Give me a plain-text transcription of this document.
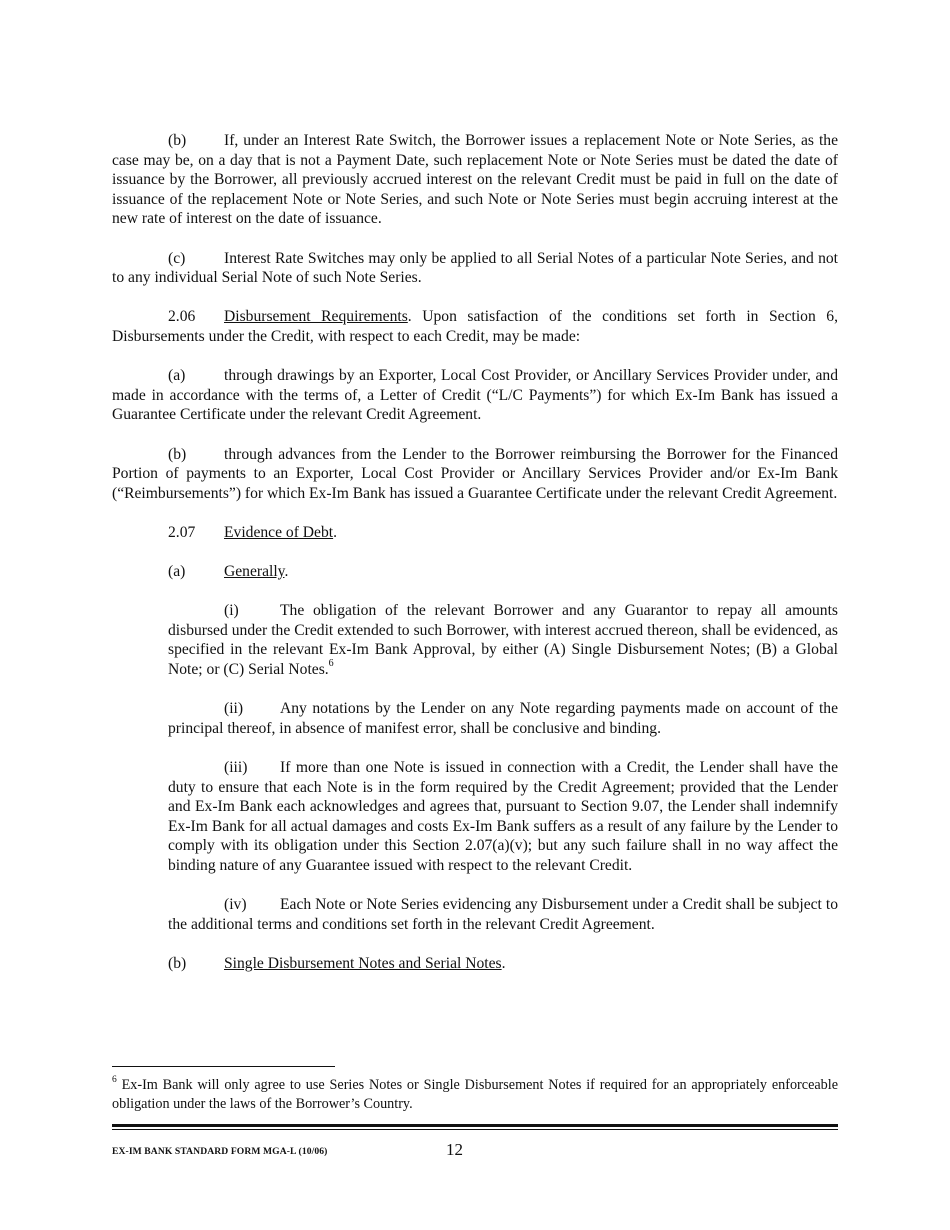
(b) If, under an Interest Rate Switch, the Borrower issues a replacement Note or Note Series, as the case may be, on a day that is not a Payment Date, such replacement Note or Note Series must be dated the date of issuance by the Borrower, all previously accrued interest on the relevant Credit must be paid in full on the date of issuance of the replacement Note or Note Series, and such Note or Note Series must begin accruing interest at the new rate of interest on the date of issuance.

(c) Interest Rate Switches may only be applied to all Serial Notes of a particular Note Series, and not to any individual Serial Note of such Note Series.

2.06 Disbursement Requirements. Upon satisfaction of the conditions set forth in Section 6, Disbursements under the Credit, with respect to each Credit, may be made:

(a) through drawings by an Exporter, Local Cost Provider, or Ancillary Services Provider under, and made in accordance with the terms of, a Letter of Credit (“L/C Payments”) for which Ex-Im Bank has issued a Guarantee Certificate under the relevant Credit Agreement.

(b) through advances from the Lender to the Borrower reimbursing the Borrower for the Financed Portion of payments to an Exporter, Local Cost Provider or Ancillary Services Provider and/or Ex-Im Bank (“Reimbursements”) for which Ex-Im Bank has issued a Guarantee Certificate under the relevant Credit Agreement.

2.07 Evidence of Debt.

(a) Generally.

(i)	The obligation of the relevant Borrower and any Guarantor to repay all amounts disbursed under the Credit extended to such Borrower, with interest accrued thereon, shall be evidenced, as specified in the relevant Ex-Im Bank Approval, by either (A) Single Disbursement Notes; (B) a Global Note; or (C) Serial Notes.$^6$

(ii) Any notations by the Lender on any Note regarding payments made on account of the principal thereof, in absence of manifest error, shall be conclusive and binding.

(iii) If more than one Note is issued in connection with a Credit, the Lender shall have the duty to ensure that each Note is in the form required by the Credit Agreement; provided that the Lender and Ex-Im Bank each acknowledges and agrees that, pursuant to Section 9.07, the Lender shall indemnify Ex-Im Bank for all actual damages and costs Ex-Im Bank suffers as a result of any failure by the Lender to comply with its obligation under this Section 2.07(a)(v); but any such failure shall in no way affect the binding nature of any Guarantee issued with respect to the relevant Credit.

(iv) Each Note or Note Series evidencing any Disbursement under a Credit shall be subject to the additional terms and conditions set forth in the relevant Credit Agreement.

(b) Single Disbursement Notes and Serial Notes.

$^6$ Ex-Im Bank will only agree to use Series Notes or Single Disbursement Notes if required for an appropriately enforceable obligation under the laws of the Borrower’s Country.
EX-IM BANK STANDARD FORM MGA-L (10/06)	12
